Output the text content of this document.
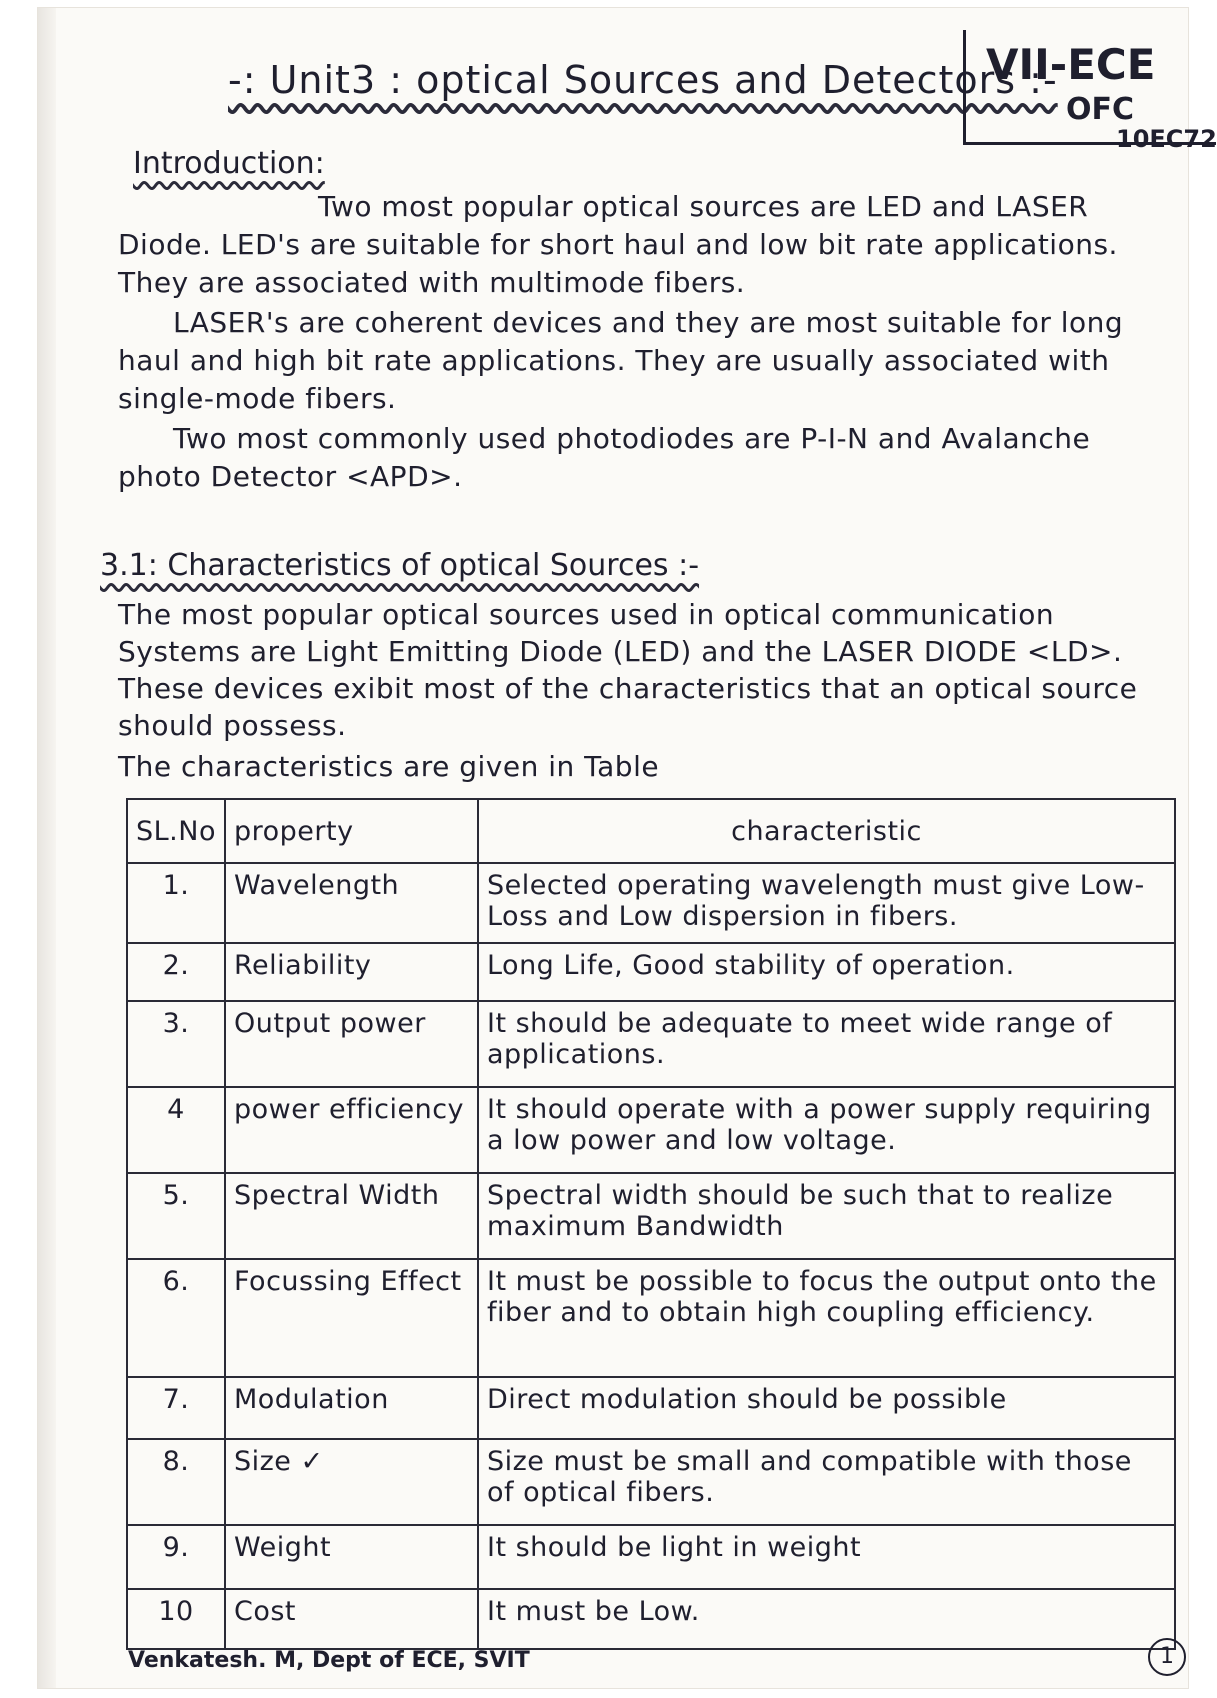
-: Unit3 : optical Sources and Detectors :-
VII-ECE
OFC
10EC72
Introduction:
Two most popular optical sources are LED and LASER Diode. LED's are suitable for short haul and low bit rate applications. They are associated with multimode fibers.
LASER's are coherent devices and they are most suitable for long haul and high bit rate applications. They are usually associated with single-mode fibers.
Two most commonly used photodiodes are P-I-N and Avalanche photo Detector <APD>.
3.1: Characteristics of optical Sources :-
The most popular optical sources used in optical communication Systems are Light Emitting Diode (LED) and the LASER DIODE <LD>. These devices exibit most of the characteristics that an optical source should possess.
The characteristics are given in Table
SL.No	property	characteristic
1.	Wavelength	Selected operating wavelength must give Low-Loss and Low dispersion in fibers.
2.	Reliability	Long Life, Good stability of operation.
3.	Output power	It should be adequate to meet wide range of applications.
4	power efficiency	It should operate with a power supply requiring a low power and low voltage.
5.	Spectral Width	Spectral width should be such that to realize maximum Bandwidth
6.	Focussing Effect	It must be possible to focus the output onto the fiber and to obtain high coupling efficiency.
7.	Modulation	Direct modulation should be possible
8.	Size ✓	Size must be small and compatible with those of optical fibers.
9.	Weight	It should be light in weight
10	Cost	It must be Low.
Venkatesh. M, Dept of ECE, SVIT	1
